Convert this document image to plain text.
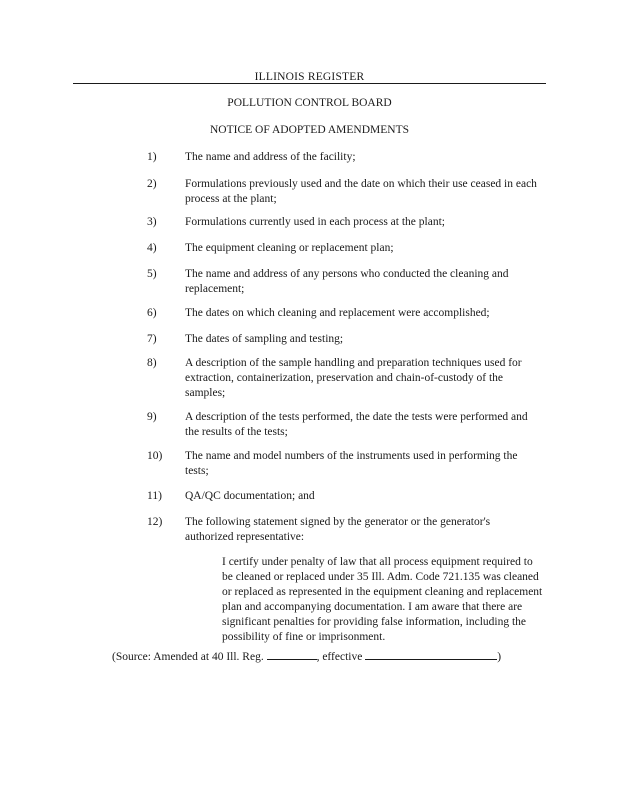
ILLINOIS REGISTER
POLLUTION CONTROL BOARD
NOTICE OF ADOPTED AMENDMENTS
1)	The name and address of the facility;
2)	Formulations previously used and the date on which their use ceased in each process at the plant;
3)	Formulations currently used in each process at the plant;
4)	The equipment cleaning or replacement plan;
5)	The name and address of any persons who conducted the cleaning and replacement;
6)	The dates on which cleaning and replacement were accomplished;
7)	The dates of sampling and testing;
8)	A description of the sample handling and preparation techniques used for extraction, containerization, preservation and chain-of-custody of the samples;
9)	A description of the tests performed, the date the tests were performed and the results of the tests;
10)	The name and model numbers of the instruments used in performing the tests;
11)	QA/QC documentation; and
12)	The following statement signed by the generator or the generator's authorized representative:
I certify under penalty of law that all process equipment required to be cleaned or replaced under 35 Ill. Adm. Code 721.135 was cleaned or replaced as represented in the equipment cleaning and replacement plan and accompanying documentation. I am aware that there are significant penalties for providing false information, including the possibility of fine or imprisonment.
(Source: Amended at 40 Ill. Reg.	, effective	)
